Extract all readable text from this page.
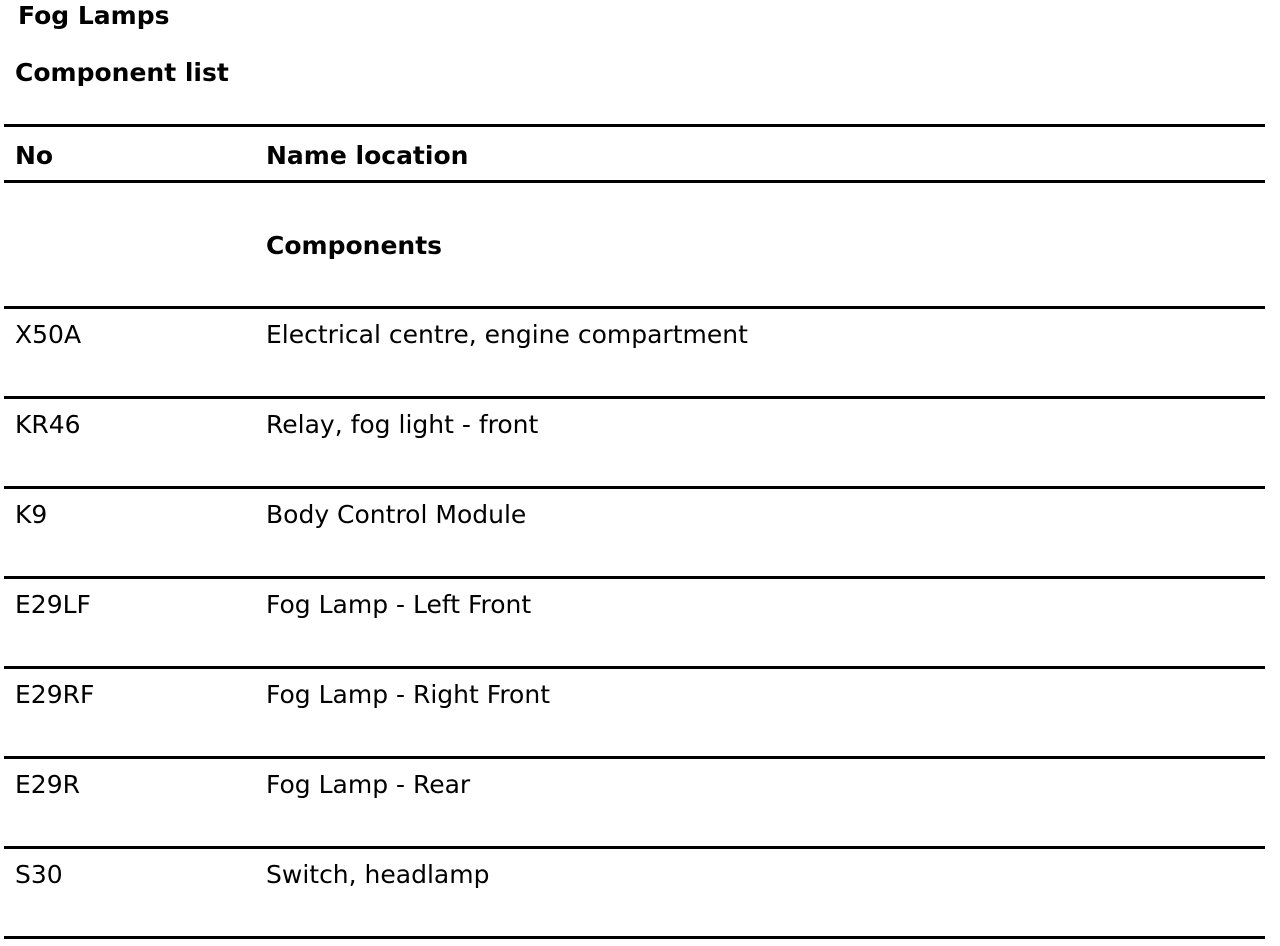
Fog Lamps
Component list
No	Name location
Components
X50A	Electrical centre, engine compartment
KR46	Relay, fog light - front
K9	Body Control Module
E29LF	Fog Lamp - Left Front
E29RF	Fog Lamp - Right Front
E29R	Fog Lamp - Rear
S30	Switch, headlamp
